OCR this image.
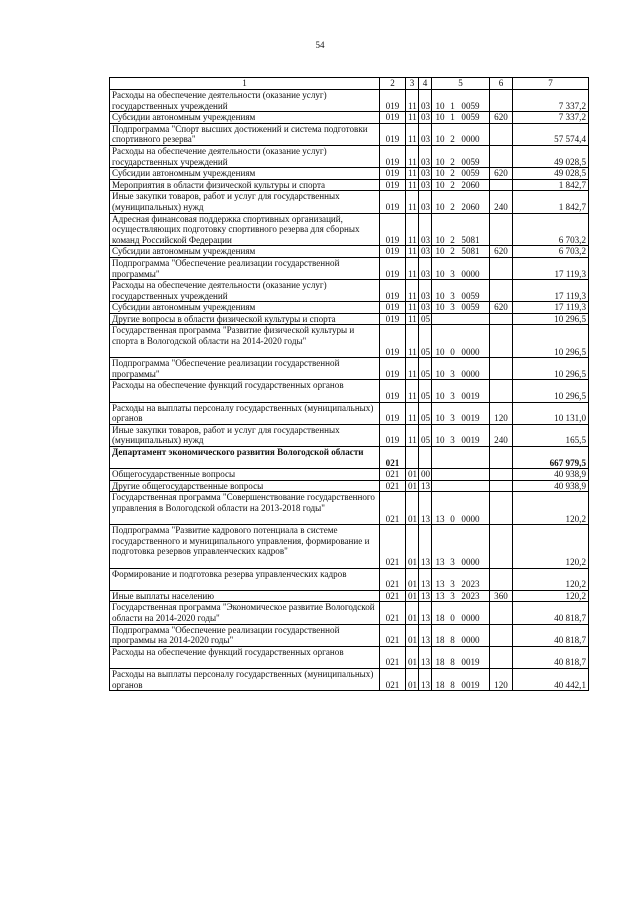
54
1	2	3	4	5	6	7
Расходы на обеспечение деятельности (оказание услуг) государственных учреждений	019	11	03	10 1 0059		7 337,2
Субсидии автономным учреждениям	019	11	03	10 1 0059	620	7 337,2
Подпрограмма "Спорт высших достижений и система подготовки спортивного резерва"	019	11	03	10 2 0000		57 574,4
Расходы на обеспечение деятельности (оказание услуг) государственных учреждений	019	11	03	10 2 0059		49 028,5
Субсидии автономным учреждениям	019	11	03	10 2 0059	620	49 028,5
Мероприятия в области физической культуры и спорта	019	11	03	10 2 2060		1 842,7
Иные закупки товаров, работ и услуг для государственных (муниципальных) нужд	019	11	03	10 2 2060	240	1 842,7
Адресная финансовая поддержка спортивных организаций, осуществляющих подготовку спортивного резерва для сборных команд Российской Федерации	019	11	03	10 2 5081		6 703,2
Субсидии автономным учреждениям	019	11	03	10 2 5081	620	6 703,2
Подпрограмма "Обеспечение реализации государственной программы"	019	11	03	10 3 0000		17 119,3
Расходы на обеспечение деятельности (оказание услуг) государственных учреждений	019	11	03	10 3 0059		17 119,3
Субсидии автономным учреждениям	019	11	03	10 3 0059	620	17 119,3
Другие вопросы в области физической культуры и спорта	019	11	05			10 296,5
Государственная программа "Развитие физической культуры и спорта в Вологодской области на 2014-2020 годы"	019	11	05	10 0 0000		10 296,5
Подпрограмма "Обеспечение реализации государственной программы"	019	11	05	10 3 0000		10 296,5
Расходы на обеспечение функций государственных органов	019	11	05	10 3 0019		10 296,5
Расходы на выплаты персоналу государственных (муниципальных) органов	019	11	05	10 3 0019	120	10 131,0
Иные закупки товаров, работ и услуг для государственных (муниципальных) нужд	019	11	05	10 3 0019	240	165,5
Департамент экономического развития Вологодской области	021					667 979,5
Общегосударственные вопросы	021	01	00			40 938,9
Другие общегосударственные вопросы	021	01	13			40 938,9
Государственная программа "Совершенствование государственного управления в Вологодской области на 2013-2018 годы"	021	01	13	13 0 0000		120,2
Подпрограмма "Развитие кадрового потенциала в системе государственного и муниципального управления, формирование и подготовка резервов управленческих кадров"	021	01	13	13 3 0000		120,2
Формирование и подготовка резерва управленческих кадров	021	01	13	13 3 2023		120,2
Иные выплаты населению	021	01	13	13 3 2023	360	120,2
Государственная программа "Экономическое развитие Вологодской области на 2014-2020 годы"	021	01	13	18 0 0000		40 818,7
Подпрограмма "Обеспечение реализации государственной программы на 2014-2020 годы"	021	01	13	18 8 0000		40 818,7
Расходы на обеспечение функций государственных органов	021	01	13	18 8 0019		40 818,7
Расходы на выплаты персоналу государственных (муниципальных) органов	021	01	13	18 8 0019	120	40 442,1
